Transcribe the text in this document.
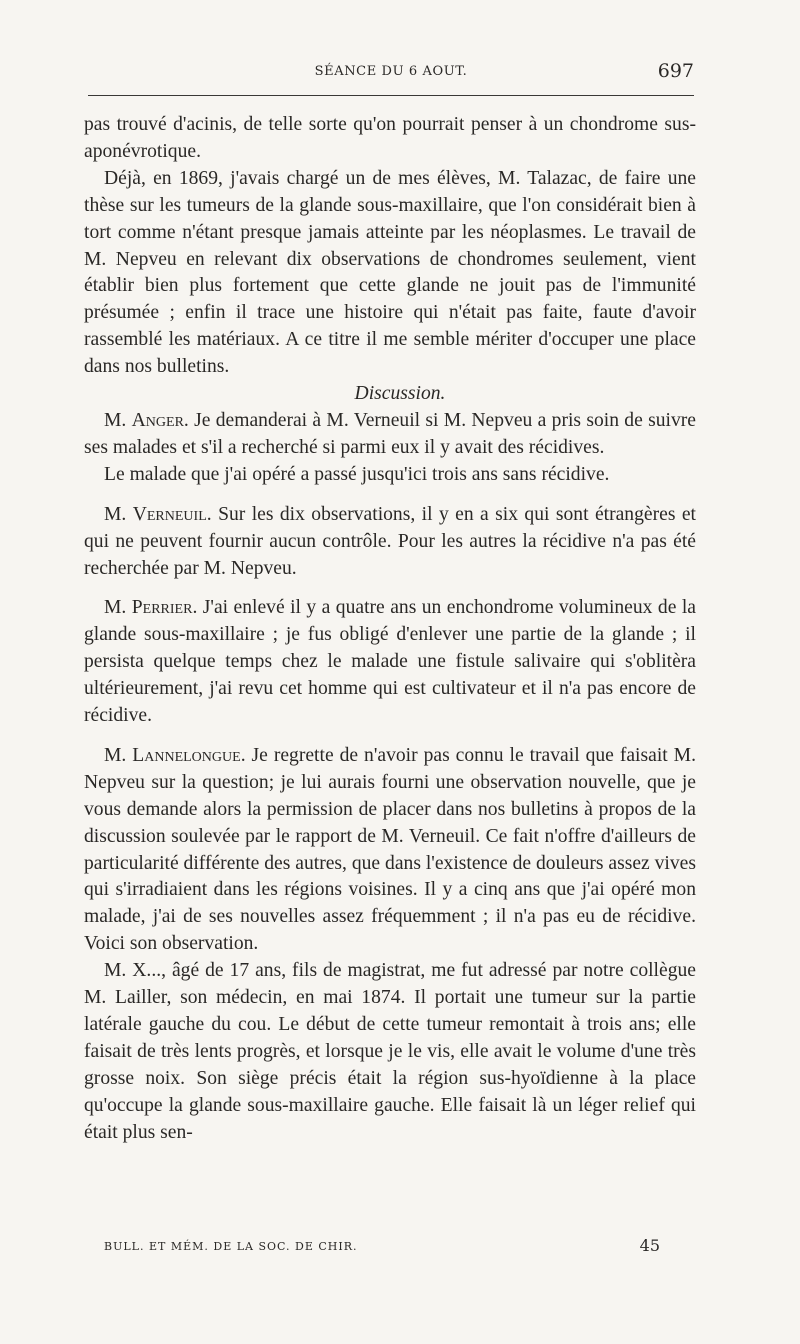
SÉANCE DU 6 AOUT.	697

pas trouvé d'acinis, de telle sorte qu'on pourrait penser à un chondrome sus-aponévrotique.

Déjà, en 1869, j'avais chargé un de mes élèves, M. Talazac, de faire une thèse sur les tumeurs de la glande sous-maxillaire, que l'on considérait bien à tort comme n'étant presque jamais atteinte par les néoplasmes. Le travail de M. Nepveu en relevant dix observations de chondromes seulement, vient établir bien plus fortement que cette glande ne jouit pas de l'immunité présumée ; enfin il trace une histoire qui n'était pas faite, faute d'avoir rassemblé les matériaux. A ce titre il me semble mériter d'occuper une place dans nos bulletins.

Discussion.

M. Anger. Je demanderai à M. Verneuil si M. Nepveu a pris soin de suivre ses malades et s'il a recherché si parmi eux il y avait des récidives.

Le malade que j'ai opéré a passé jusqu'ici trois ans sans récidive.

M. Verneuil. Sur les dix observations, il y en a six qui sont étrangères et qui ne peuvent fournir aucun contrôle. Pour les autres la récidive n'a pas été recherchée par M. Nepveu.

M. Perrier. J'ai enlevé il y a quatre ans un enchondrome volumineux de la glande sous-maxillaire ; je fus obligé d'enlever une partie de la glande ; il persista quelque temps chez le malade une fistule salivaire qui s'oblitèra ultérieurement, j'ai revu cet homme qui est cultivateur et il n'a pas encore de récidive.

M. Lannelongue. Je regrette de n'avoir pas connu le travail que faisait M. Nepveu sur la question; je lui aurais fourni une observation nouvelle, que je vous demande alors la permission de placer dans nos bulletins à propos de la discussion soulevée par le rapport de M. Verneuil. Ce fait n'offre d'ailleurs de particularité différente des autres, que dans l'existence de douleurs assez vives qui s'irradiaient dans les régions voisines. Il y a cinq ans que j'ai opéré mon malade, j'ai de ses nouvelles assez fréquemment ; il n'a pas eu de récidive. Voici son observation.

M. X..., âgé de 17 ans, fils de magistrat, me fut adressé par notre collègue M. Lailler, son médecin, en mai 1874. Il portait une tumeur sur la partie latérale gauche du cou. Le début de cette tumeur remontait à trois ans; elle faisait de très lents progrès, et lorsque je le vis, elle avait le volume d'une très grosse noix. Son siège précis était la région sus-hyoïdienne à la place qu'occupe la glande sous-maxillaire gauche. Elle faisait là un léger relief qui était plus sen-

BULL. ET MÉM. DE LA SOC. DE CHIR.	45
